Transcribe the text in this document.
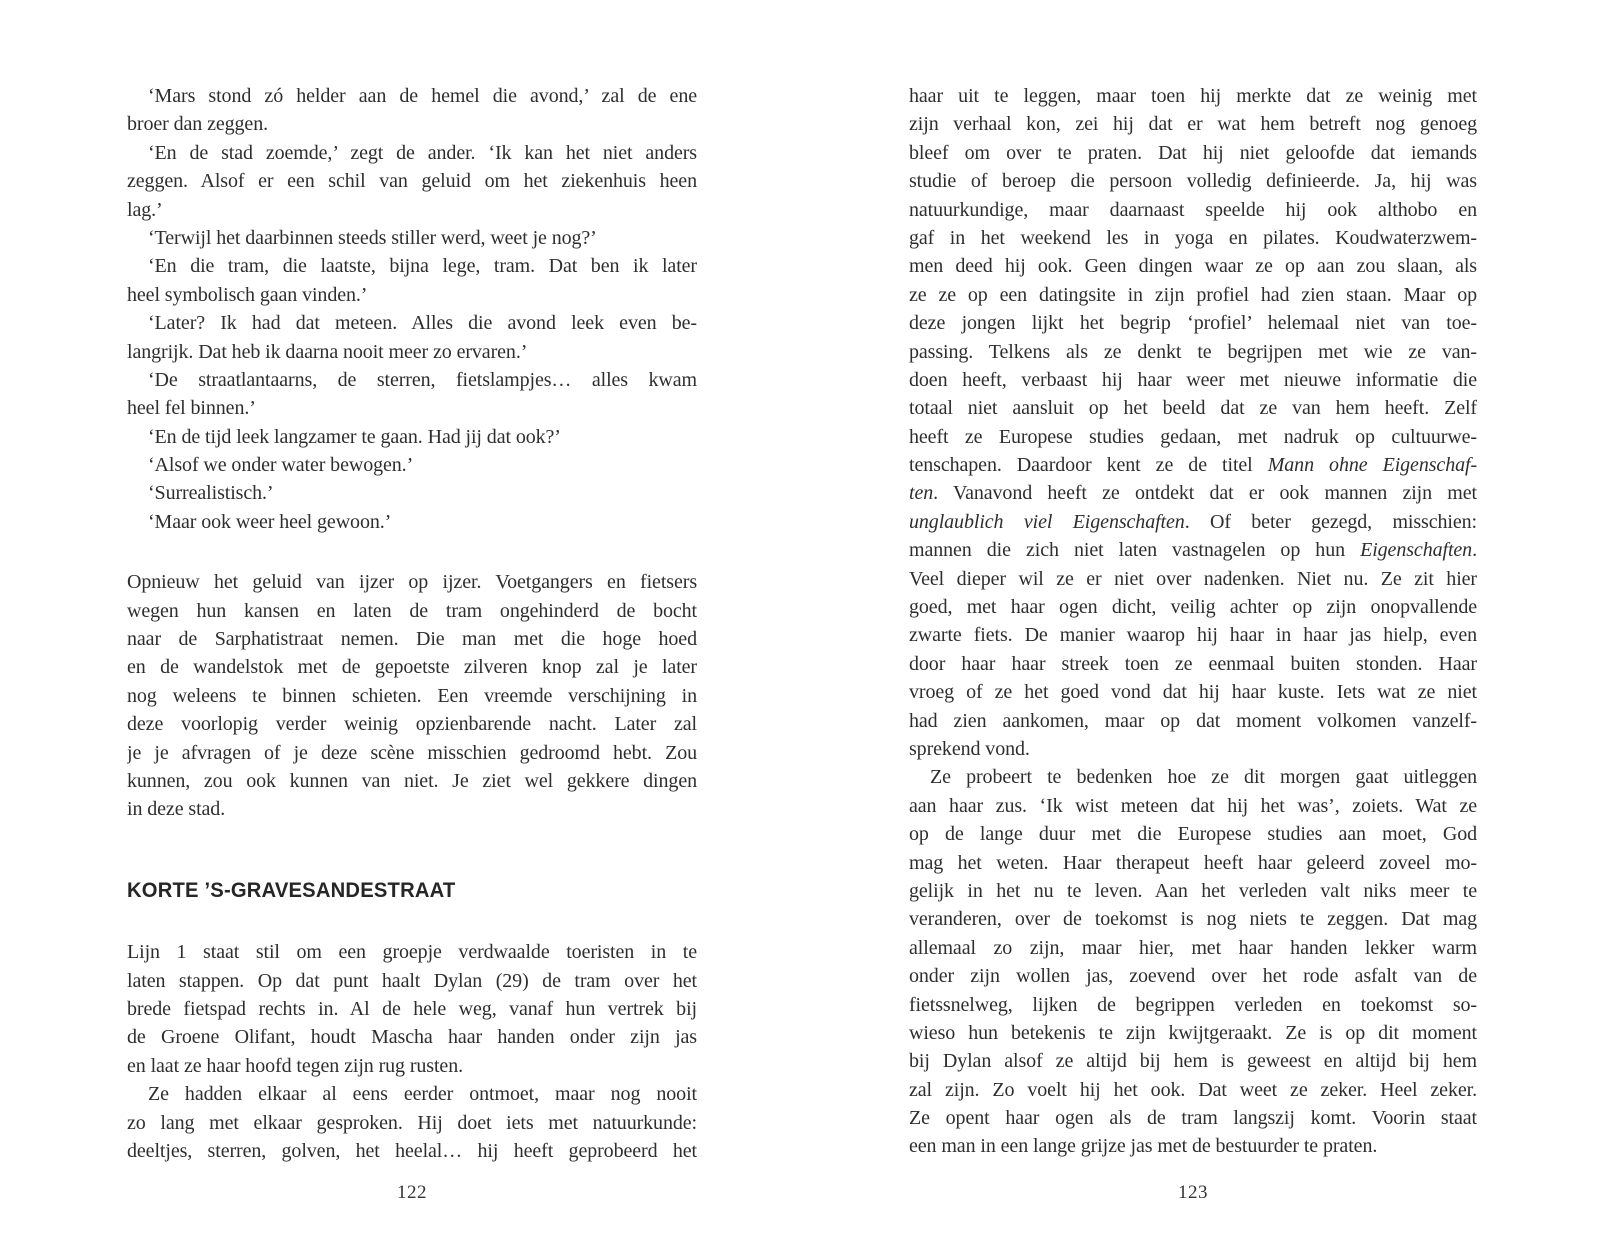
‘Mars stond zó helder aan de hemel die avond,’ zal de ene
broer dan zeggen.
‘En de stad zoemde,’ zegt de ander. ‘Ik kan het niet anders
zeggen. Alsof er een schil van geluid om het ziekenhuis heen
lag.’
‘Terwijl het daarbinnen steeds stiller werd, weet je nog?’
‘En die tram, die laatste, bijna lege, tram. Dat ben ik later
heel symbolisch gaan vinden.’
‘Later? Ik had dat meteen. Alles die avond leek even be-
langrijk. Dat heb ik daarna nooit meer zo ervaren.’
‘De straatlantaarns, de sterren, fietslampjes… alles kwam
heel fel binnen.’
‘En de tijd leek langzamer te gaan. Had jij dat ook?’
‘Alsof we onder water bewogen.’
‘Surrealistisch.’
‘Maar ook weer heel gewoon.’
Opnieuw het geluid van ijzer op ijzer. Voetgangers en fietsers
wegen hun kansen en laten de tram ongehinderd de bocht
naar de Sarphatistraat nemen. Die man met die hoge hoed
en de wandelstok met de gepoetste zilveren knop zal je later
nog weleens te binnen schieten. Een vreemde verschijning in
deze voorlopig verder weinig opzienbarende nacht. Later zal
je je afvragen of je deze scène misschien gedroomd hebt. Zou
kunnen, zou ook kunnen van niet. Je ziet wel gekkere dingen
in deze stad.
KORTE ’S-GRAVESANDESTRAAT
Lijn 1 staat stil om een groepje verdwaalde toeristen in te
laten stappen. Op dat punt haalt Dylan (29) de tram over het
brede fietspad rechts in. Al de hele weg, vanaf hun vertrek bij
de Groene Olifant, houdt Mascha haar handen onder zijn jas
en laat ze haar hoofd tegen zijn rug rusten.
Ze hadden elkaar al eens eerder ontmoet, maar nog nooit
zo lang met elkaar gesproken. Hij doet iets met natuurkunde:
deeltjes, sterren, golven, het heelal… hij heeft geprobeerd het
haar uit te leggen, maar toen hij merkte dat ze weinig met
zijn verhaal kon, zei hij dat er wat hem betreft nog genoeg
bleef om over te praten. Dat hij niet geloofde dat iemands
studie of beroep die persoon volledig definieerde. Ja, hij was
natuurkundige, maar daarnaast speelde hij ook althobo en
gaf in het weekend les in yoga en pilates. Koudwaterzwem-
men deed hij ook. Geen dingen waar ze op aan zou slaan, als
ze ze op een datingsite in zijn profiel had zien staan. Maar op
deze jongen lijkt het begrip ‘profiel’ helemaal niet van toe-
passing. Telkens als ze denkt te begrijpen met wie ze van-
doen heeft, verbaast hij haar weer met nieuwe informatie die
totaal niet aansluit op het beeld dat ze van hem heeft. Zelf
heeft ze Europese studies gedaan, met nadruk op cultuurwe-
tenschapen. Daardoor kent ze de titel Mann ohne Eigenschaf-
ten. Vanavond heeft ze ontdekt dat er ook mannen zijn met
unglaublich viel Eigenschaften. Of beter gezegd, misschien:
mannen die zich niet laten vastnagelen op hun Eigenschaften.
Veel dieper wil ze er niet over nadenken. Niet nu. Ze zit hier
goed, met haar ogen dicht, veilig achter op zijn onopvallende
zwarte fiets. De manier waarop hij haar in haar jas hielp, even
door haar haar streek toen ze eenmaal buiten stonden. Haar
vroeg of ze het goed vond dat hij haar kuste. Iets wat ze niet
had zien aankomen, maar op dat moment volkomen vanzelf-
sprekend vond.
Ze probeert te bedenken hoe ze dit morgen gaat uitleggen
aan haar zus. ‘Ik wist meteen dat hij het was’, zoiets. Wat ze
op de lange duur met die Europese studies aan moet, God
mag het weten. Haar therapeut heeft haar geleerd zoveel mo-
gelijk in het nu te leven. Aan het verleden valt niks meer te
veranderen, over de toekomst is nog niets te zeggen. Dat mag
allemaal zo zijn, maar hier, met haar handen lekker warm
onder zijn wollen jas, zoevend over het rode asfalt van de
fietssnelweg, lijken de begrippen verleden en toekomst so-
wieso hun betekenis te zijn kwijtgeraakt. Ze is op dit moment
bij Dylan alsof ze altijd bij hem is geweest en altijd bij hem
zal zijn. Zo voelt hij het ook. Dat weet ze zeker. Heel zeker.
Ze opent haar ogen als de tram langszij komt. Voorin staat
een man in een lange grijze jas met de bestuurder te praten.
122	123
